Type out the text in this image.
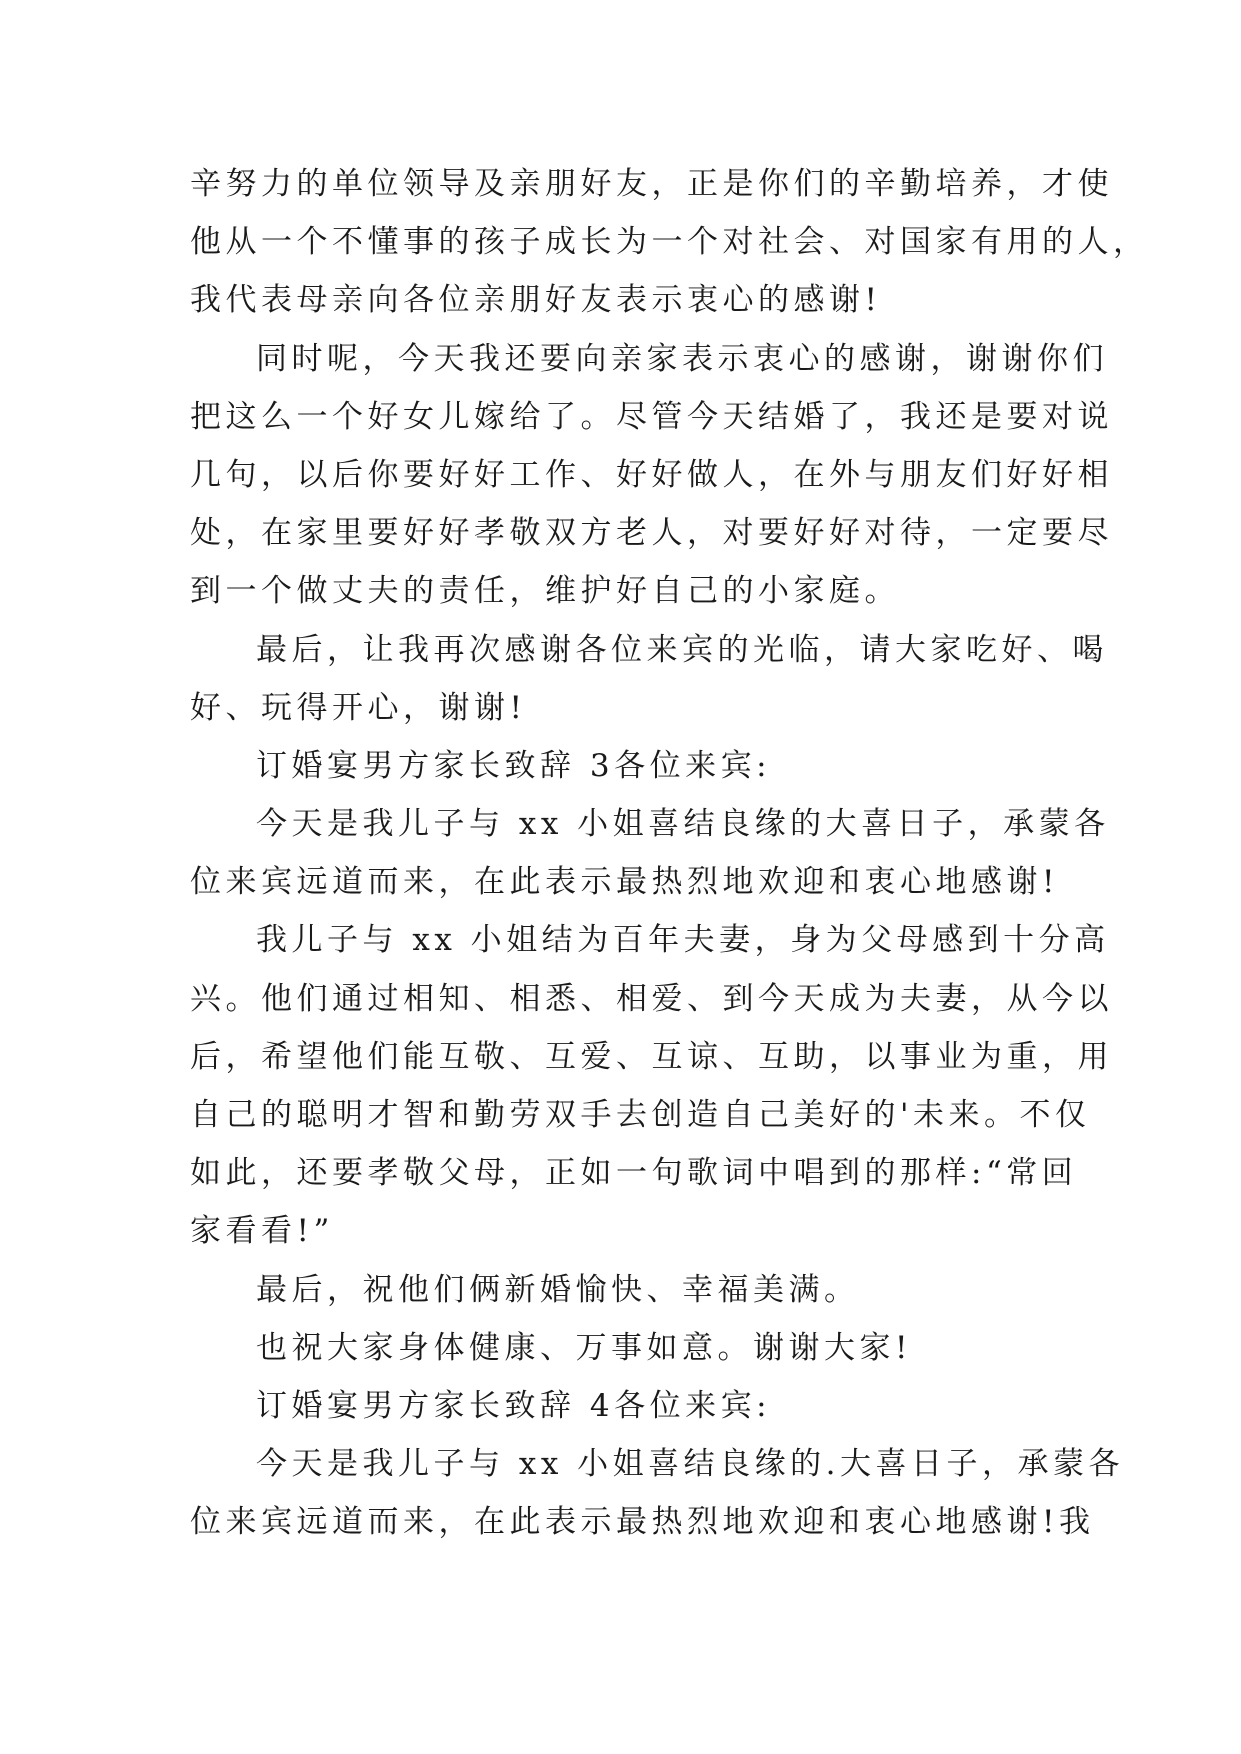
辛努力的单位领导及亲朋好友，正是你们的辛勤培养，才使
他从一个不懂事的孩子成长为一个对社会、对国家有用的人，
我代表母亲向各位亲朋好友表示衷心的感谢!
同时呢，今天我还要向亲家表示衷心的感谢，谢谢你们
把这么一个好女儿嫁给了。尽管今天结婚了，我还是要对说
几句，以后你要好好工作、好好做人，在外与朋友们好好相
处，在家里要好好孝敬双方老人，对要好好对待，一定要尽
到一个做丈夫的责任，维护好自己的小家庭。
最后，让我再次感谢各位来宾的光临，请大家吃好、喝
好、玩得开心，谢谢!
订婚宴男方家长致辞 3各位来宾:
今天是我儿子与 xx 小姐喜结良缘的大喜日子，承蒙各
位来宾远道而来，在此表示最热烈地欢迎和衷心地感谢!
我儿子与 xx 小姐结为百年夫妻，身为父母感到十分高
兴。他们通过相知、相悉、相爱、到今天成为夫妻，从今以
后，希望他们能互敬、互爱、互谅、互助，以事业为重，用
自己的聪明才智和勤劳双手去创造自己美好的'未来。不仅
如此，还要孝敬父母，正如一句歌词中唱到的那样:“常回
家看看!”
最后，祝他们俩新婚愉快、幸福美满。
也祝大家身体健康、万事如意。谢谢大家!
订婚宴男方家长致辞 4各位来宾:
今天是我儿子与 xx 小姐喜结良缘的.大喜日子，承蒙各
位来宾远道而来，在此表示最热烈地欢迎和衷心地感谢!我
